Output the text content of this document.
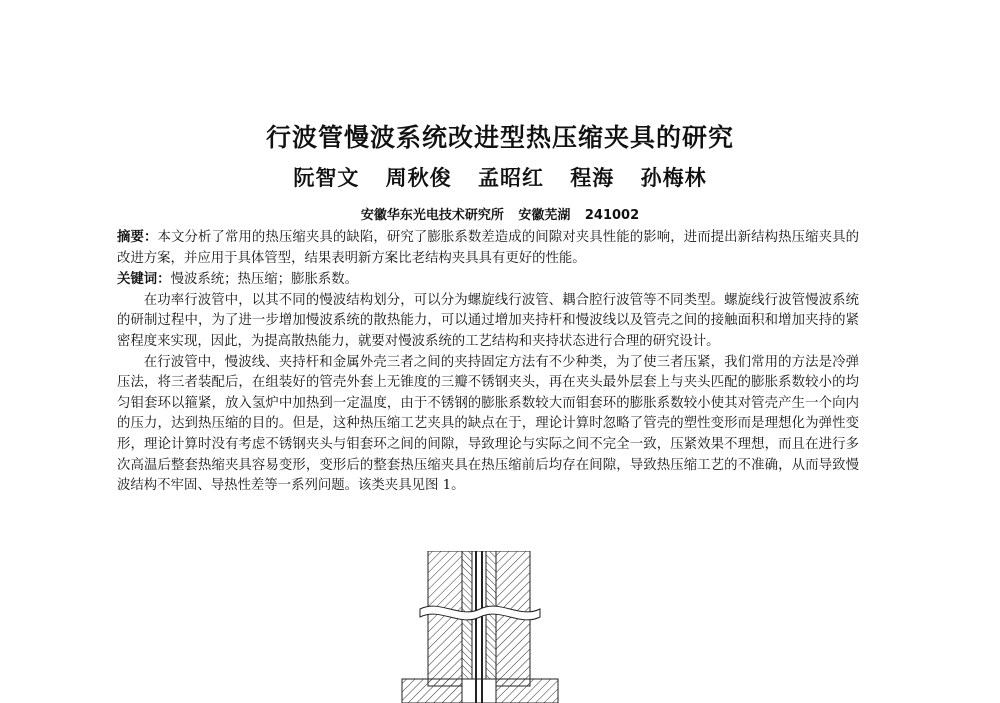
行波管慢波系统改进型热压缩夹具的研究
阮智文 周秋俊 孟昭红 程海 孙梅林
安徽华东光电技术研究所 安徽芜湖 241002

摘要：本文分析了常用的热压缩夹具的缺陷，研究了膨胀系数差造成的间隙对夹具性能的影响，进而提出新结构热压缩夹具的改进方案，并应用于具体管型，结果表明新方案比老结构夹具具有更好的性能。

关键词：慢波系统；热压缩；膨胀系数。

在功率行波管中，以其不同的慢波结构划分，可以分为螺旋线行波管、耦合腔行波管等不同类型。螺旋线行波管慢波系统的研制过程中，为了进一步增加慢波系统的散热能力，可以通过增加夹持杆和慢波线以及管壳之间的接触面积和增加夹持的紧密程度来实现，因此，为提高散热能力，就要对慢波系统的工艺结构和夹持状态进行合理的研究设计。

在行波管中，慢波线、夹持杆和金属外壳三者之间的夹持固定方法有不少种类，为了使三者压紧，我们常用的方法是冷弹压法，将三者装配后，在组装好的管壳外套上无锥度的三瓣不锈钢夹头，再在夹头最外层套上与夹头匹配的膨胀系数较小的均匀钼套环以箍紧，放入氢炉中加热到一定温度，由于不锈钢的膨胀系数较大而钼套环的膨胀系数较小使其对管壳产生一个向内的压力，达到热压缩的目的。但是，这种热压缩工艺夹具的缺点在于，理论计算时忽略了管壳的塑性变形而是理想化为弹性变形，理论计算时没有考虑不锈钢夹头与钼套环之间的间隙，导致理论与实际之间不完全一致，压紧效果不理想，而且在进行多次高温后整套热缩夹具容易变形，变形后的整套热压缩夹具在热压缩前后均存在间隙，导致热压缩工艺的不准确，从而导致慢波结构不牢固、导热性差等一系列问题。该类夹具见图 1。
